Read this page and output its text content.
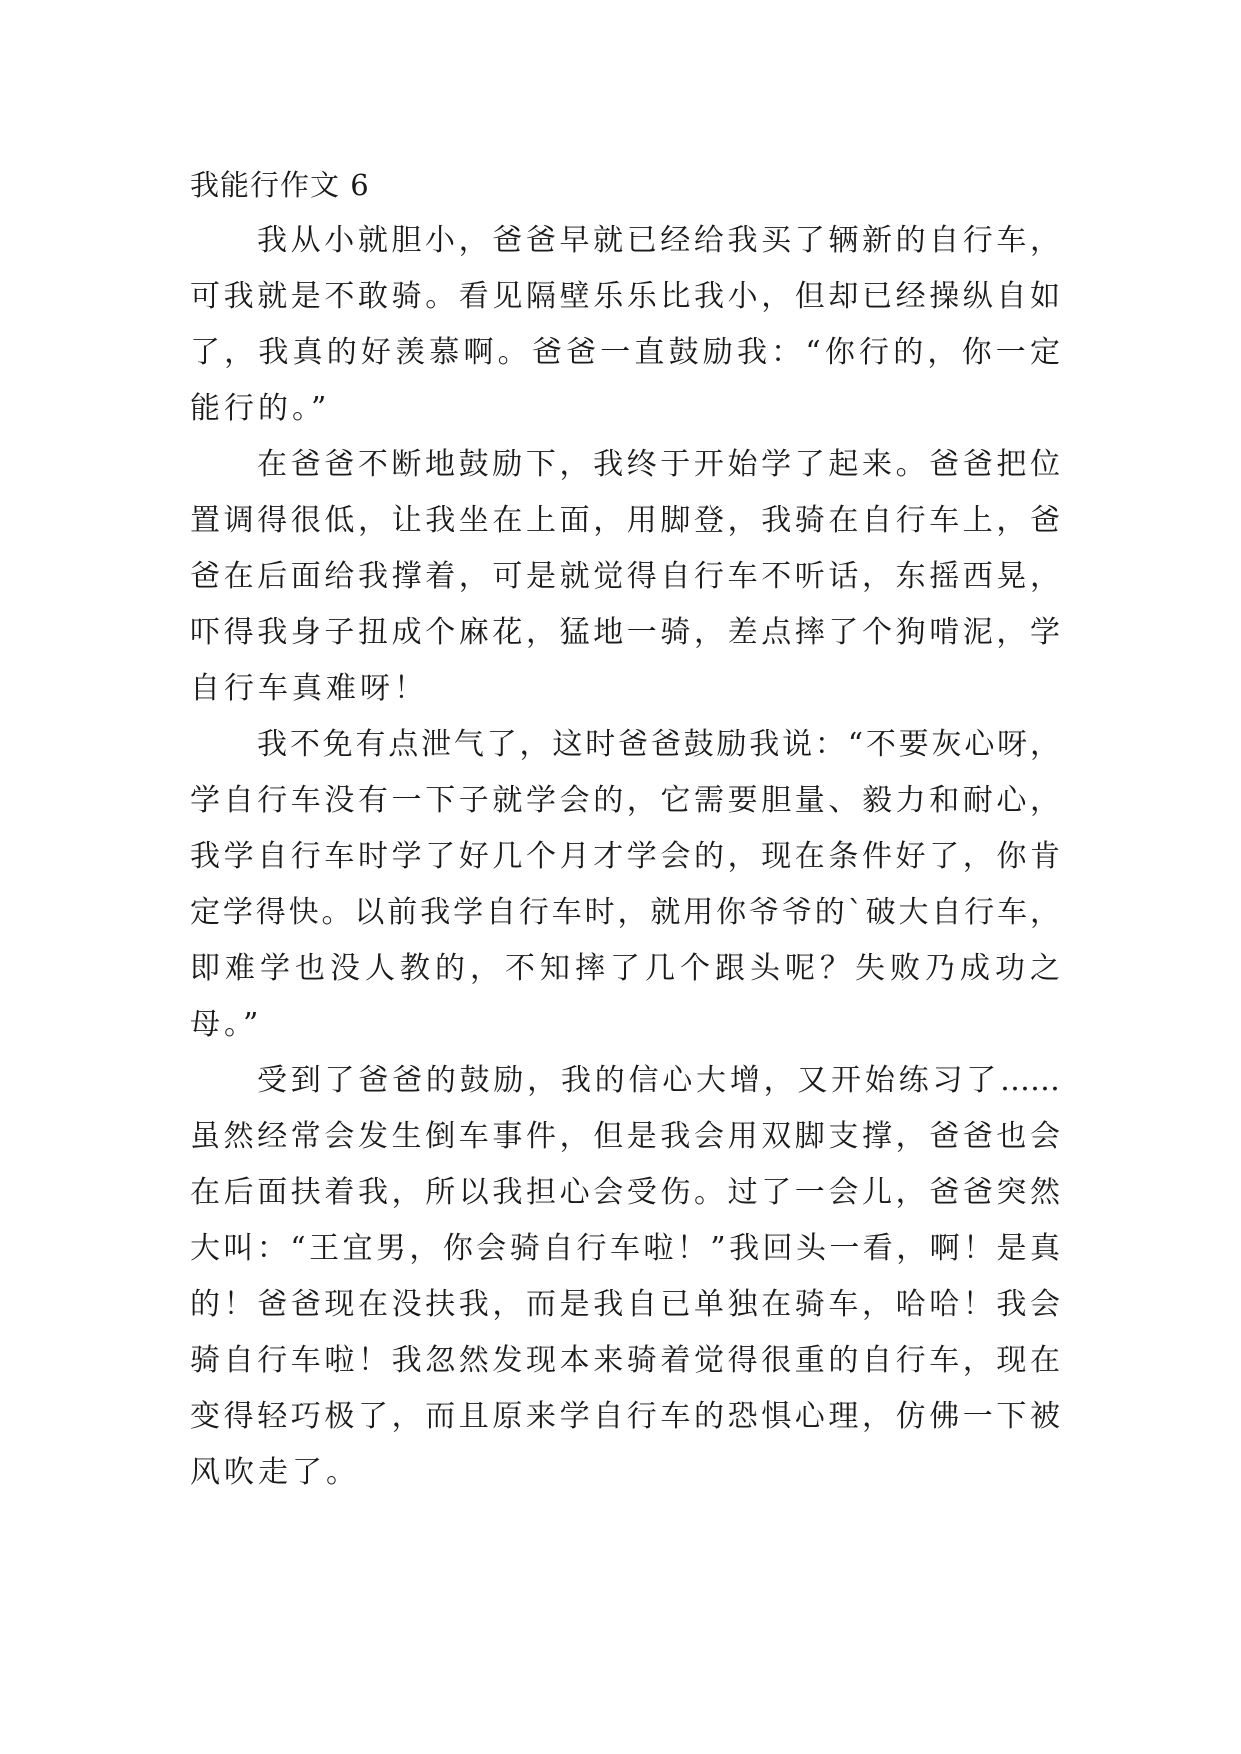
我能行作文 6
我从小就胆小，爸爸早就已经给我买了辆新的自行车，
可我就是不敢骑。看见隔壁乐乐比我小，但却已经操纵自如
了，我真的好羡慕啊。爸爸一直鼓励我：“你行的，你一定
能行的。”
在爸爸不断地鼓励下，我终于开始学了起来。爸爸把位
置调得很低，让我坐在上面，用脚登，我骑在自行车上，爸
爸在后面给我撑着，可是就觉得自行车不听话，东摇西晃，
吓得我身子扭成个麻花，猛地一骑，差点摔了个狗啃泥，学
自行车真难呀！
我不免有点泄气了，这时爸爸鼓励我说：“不要灰心呀，
学自行车没有一下子就学会的，它需要胆量、毅力和耐心，
我学自行车时学了好几个月才学会的，现在条件好了，你肯
定学得快。以前我学自行车时，就用你爷爷的`破大自行车，
即难学也没人教的，不知摔了几个跟头呢？失败乃成功之
母。”
受到了爸爸的鼓励，我的信心大增，又开始练习了……
虽然经常会发生倒车事件，但是我会用双脚支撑，爸爸也会
在后面扶着我，所以我担心会受伤。过了一会儿，爸爸突然
大叫：“王宜男，你会骑自行车啦！”我回头一看，啊！是真
的！爸爸现在没扶我，而是我自已单独在骑车，哈哈！我会
骑自行车啦！我忽然发现本来骑着觉得很重的自行车，现在
变得轻巧极了，而且原来学自行车的恐惧心理，仿佛一下被
风吹走了。
